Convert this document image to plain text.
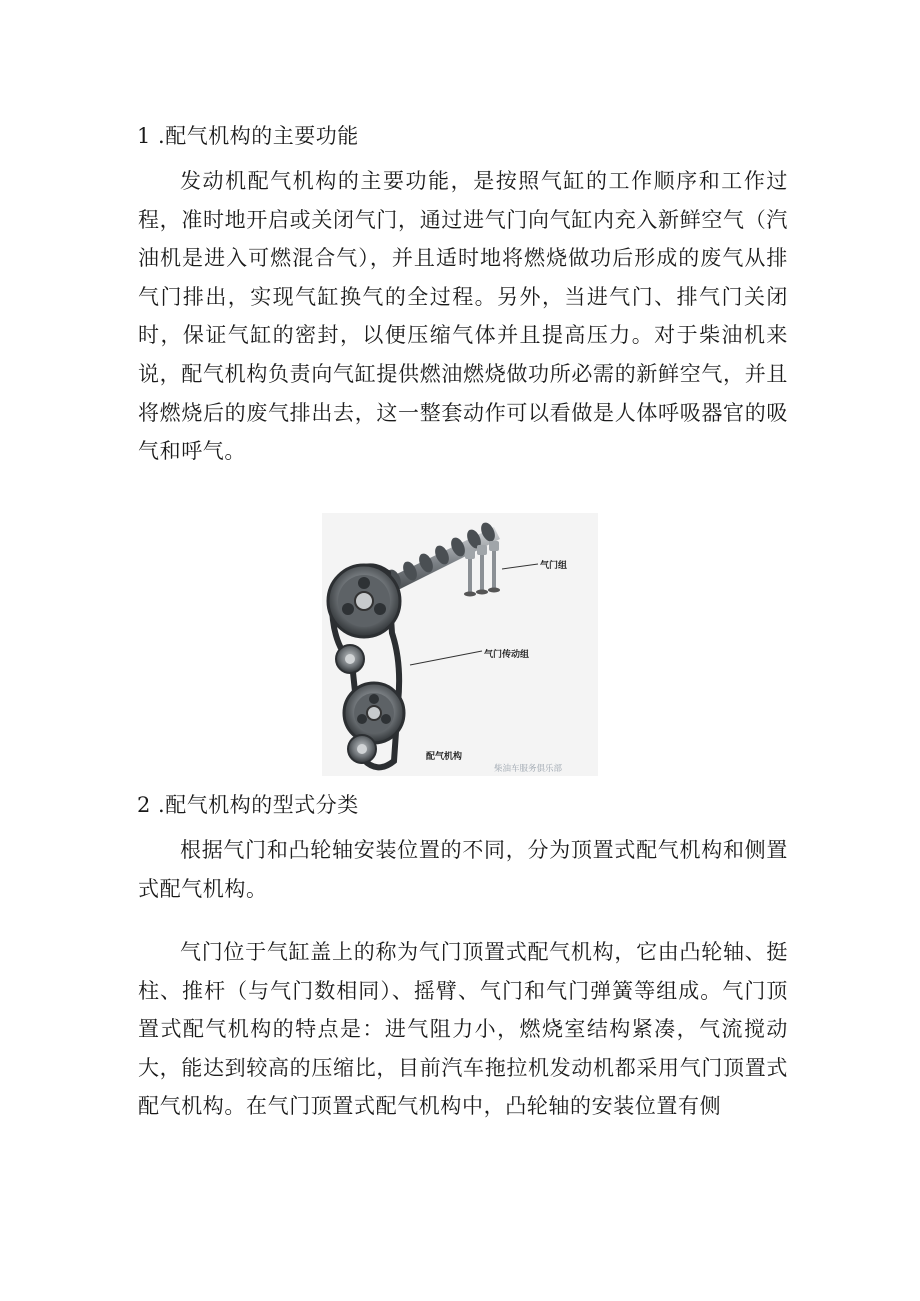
1 .配气机构的主要功能

发动机配气机构的主要功能，是按照气缸的工作顺序和工作过程，准时地开启或关闭气门，通过进气门向气缸内充入新鲜空气（汽油机是进入可燃混合气），并且适时地将燃烧做功后形成的废气从排气门排出，实现气缸换气的全过程。另外，当进气门、排气门关闭时，保证气缸的密封，以便压缩气体并且提高压力。对于柴油机来说，配气机构负责向气缸提供燃油燃烧做功所必需的新鲜空气，并且将燃烧后的废气排出去，这一整套动作可以看做是人体呼吸器官的吸气和呼气。

气门组
气门传动组
配气机构
柴油车服务俱乐部
2 .配气机构的型式分类

根据气门和凸轮轴安装位置的不同，分为顶置式配气机构和侧置式配气机构。

气门位于气缸盖上的称为气门顶置式配气机构，它由凸轮轴、挺柱、推杆（与气门数相同）、摇臂、气门和气门弹簧等组成。气门顶置式配气机构的特点是：进气阻力小，燃烧室结构紧凑，气流搅动大，能达到较高的压缩比，目前汽车拖拉机发动机都采用气门顶置式配气机构。在气门顶置式配气机构中，凸轮轴的安装位置有侧
